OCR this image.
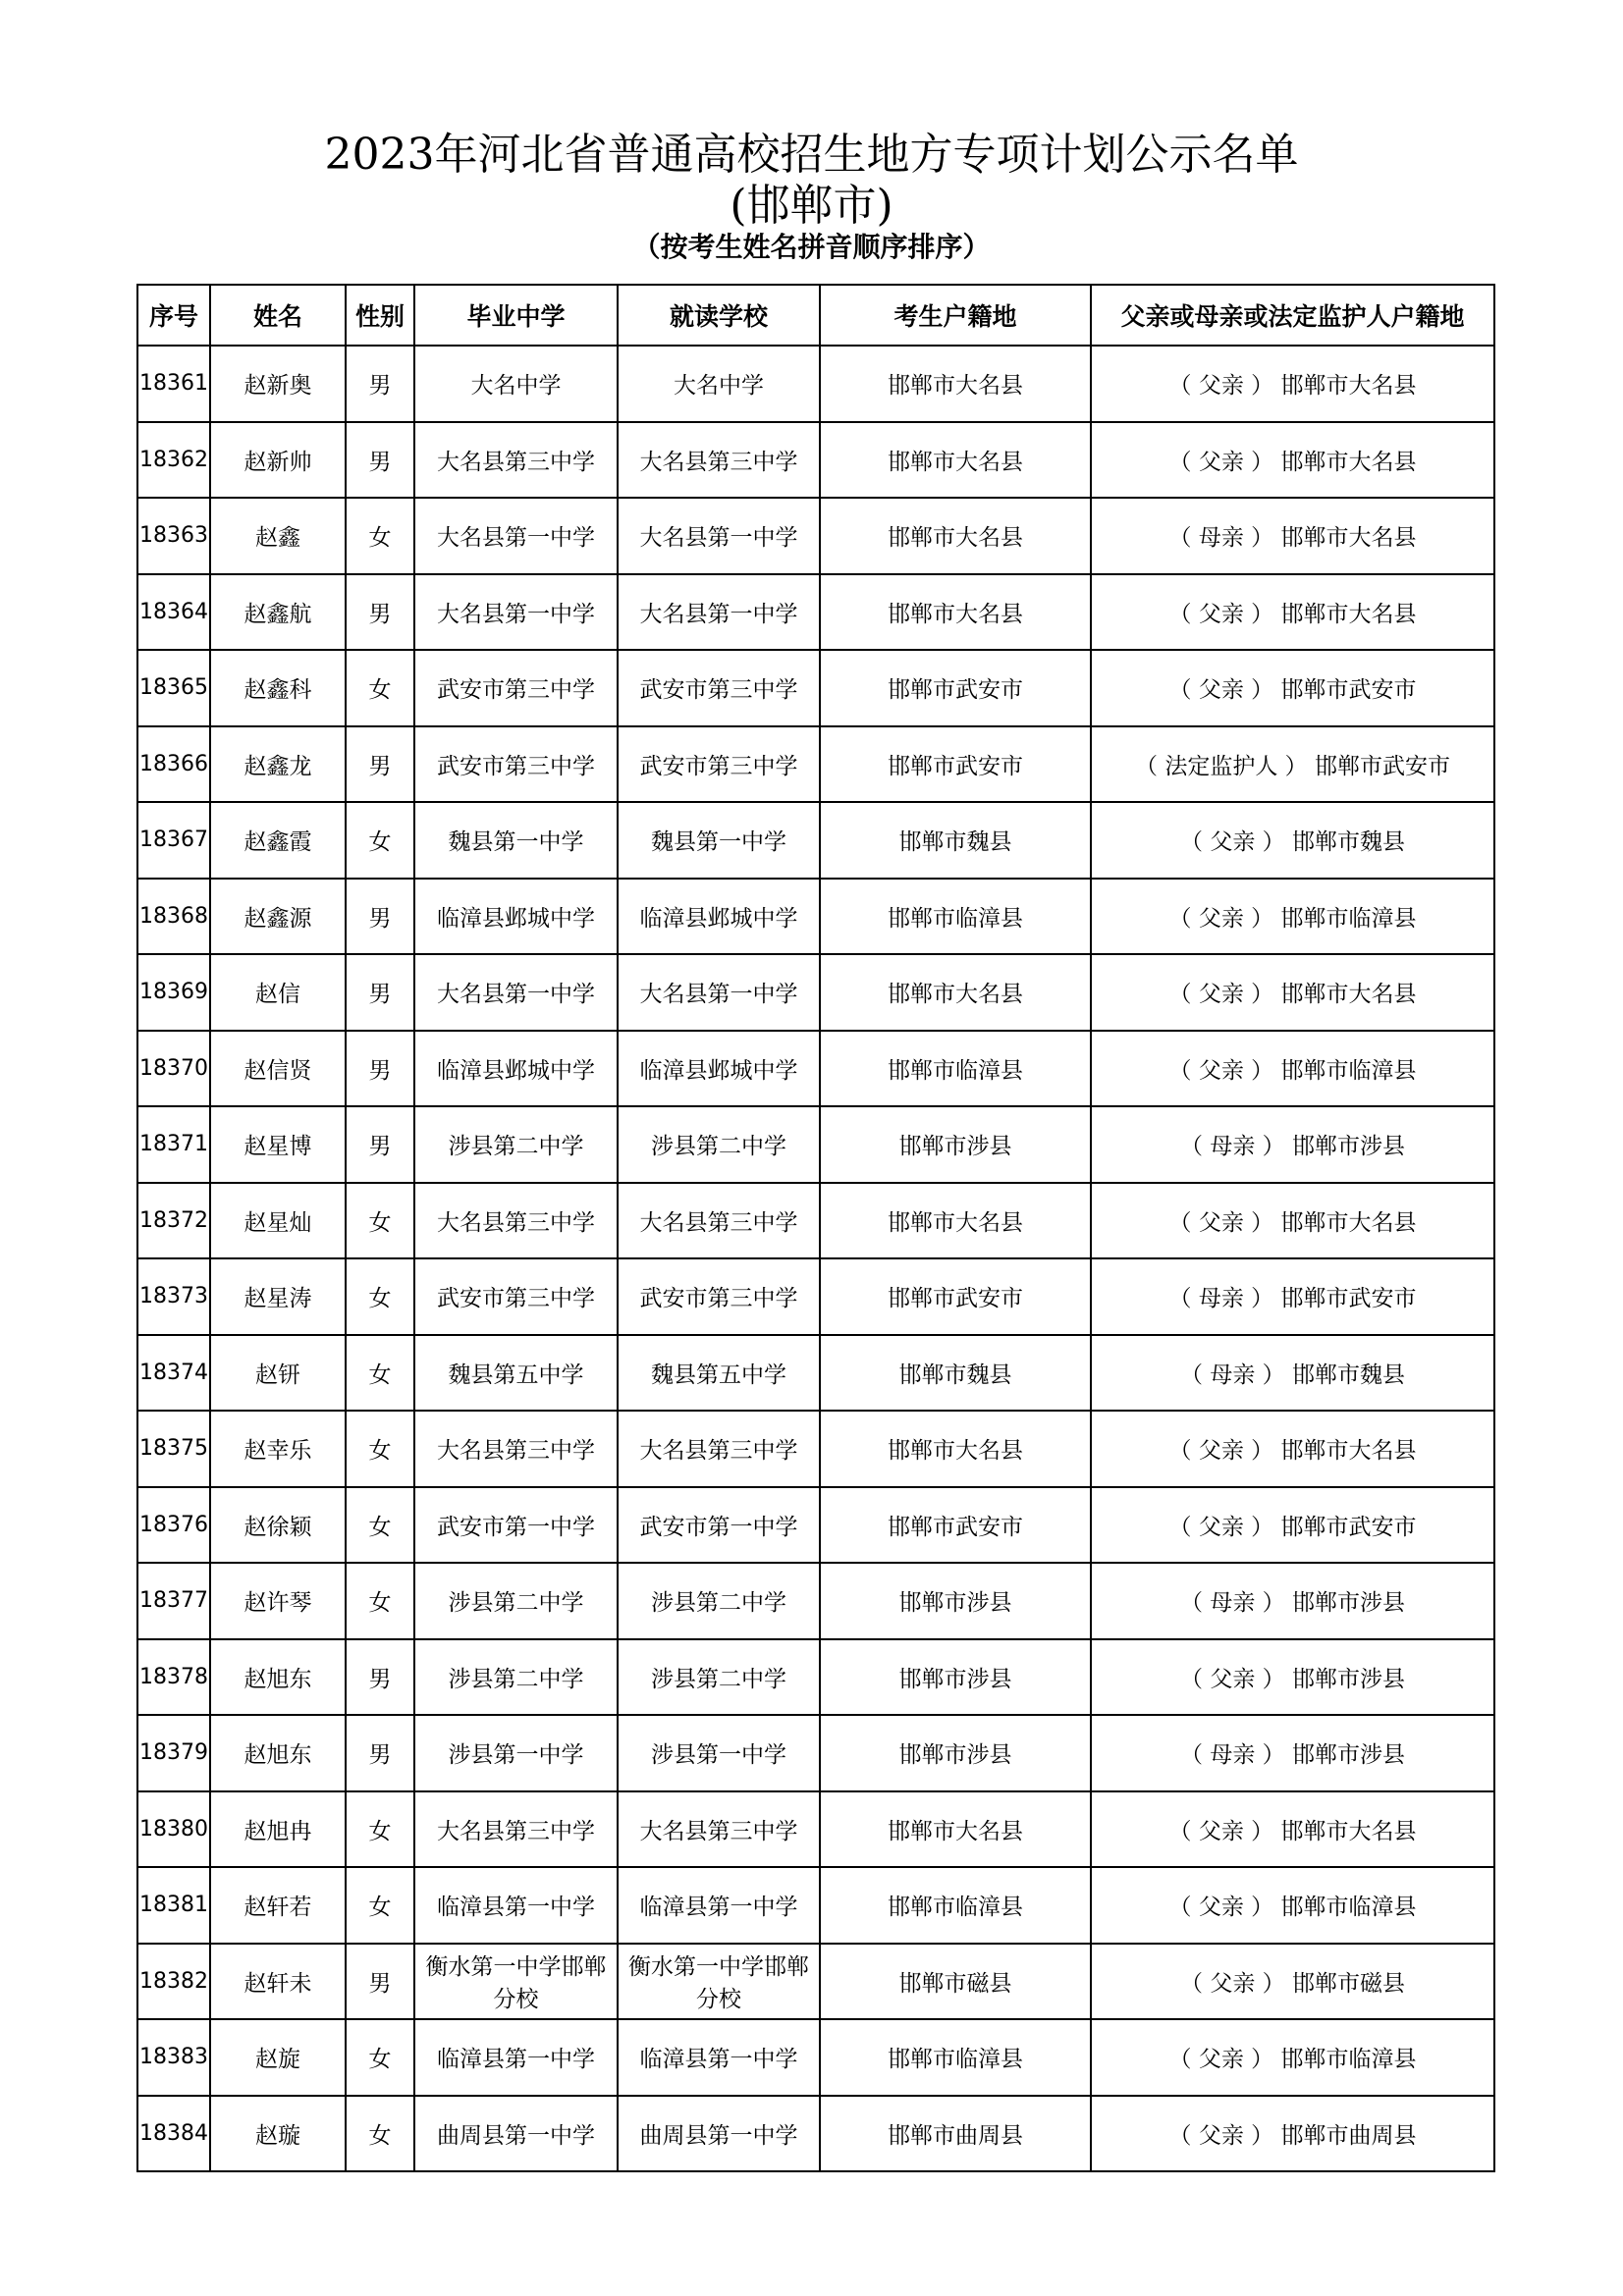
2023年河北省普通高校招生地方专项计划公示名单
(邯郸市)
（按考生姓名拼音顺序排序）
序号	姓名	性别	毕业中学	就读学校	考生户籍地	父亲或母亲或法定监护人户籍地
18361	赵新奥	男	大名中学	大名中学	邯郸市大名县	（ 父亲 ） 邯郸市大名县
18362	赵新帅	男	大名县第三中学	大名县第三中学	邯郸市大名县	（ 父亲 ） 邯郸市大名县
18363	赵鑫	女	大名县第一中学	大名县第一中学	邯郸市大名县	（ 母亲 ） 邯郸市大名县
18364	赵鑫航	男	大名县第一中学	大名县第一中学	邯郸市大名县	（ 父亲 ） 邯郸市大名县
18365	赵鑫科	女	武安市第三中学	武安市第三中学	邯郸市武安市	（ 父亲 ） 邯郸市武安市
18366	赵鑫龙	男	武安市第三中学	武安市第三中学	邯郸市武安市	（ 法定监护人 ） 邯郸市武安市
18367	赵鑫霞	女	魏县第一中学	魏县第一中学	邯郸市魏县	（ 父亲 ） 邯郸市魏县
18368	赵鑫源	男	临漳县邺城中学	临漳县邺城中学	邯郸市临漳县	（ 父亲 ） 邯郸市临漳县
18369	赵信	男	大名县第一中学	大名县第一中学	邯郸市大名县	（ 父亲 ） 邯郸市大名县
18370	赵信贤	男	临漳县邺城中学	临漳县邺城中学	邯郸市临漳县	（ 父亲 ） 邯郸市临漳县
18371	赵星博	男	涉县第二中学	涉县第二中学	邯郸市涉县	（ 母亲 ） 邯郸市涉县
18372	赵星灿	女	大名县第三中学	大名县第三中学	邯郸市大名县	（ 父亲 ） 邯郸市大名县
18373	赵星涛	女	武安市第三中学	武安市第三中学	邯郸市武安市	（ 母亲 ） 邯郸市武安市
18374	赵钘	女	魏县第五中学	魏县第五中学	邯郸市魏县	（ 母亲 ） 邯郸市魏县
18375	赵幸乐	女	大名县第三中学	大名县第三中学	邯郸市大名县	（ 父亲 ） 邯郸市大名县
18376	赵徐颖	女	武安市第一中学	武安市第一中学	邯郸市武安市	（ 父亲 ） 邯郸市武安市
18377	赵许琴	女	涉县第二中学	涉县第二中学	邯郸市涉县	（ 母亲 ） 邯郸市涉县
18378	赵旭东	男	涉县第二中学	涉县第二中学	邯郸市涉县	（ 父亲 ） 邯郸市涉县
18379	赵旭东	男	涉县第一中学	涉县第一中学	邯郸市涉县	（ 母亲 ） 邯郸市涉县
18380	赵旭冉	女	大名县第三中学	大名县第三中学	邯郸市大名县	（ 父亲 ） 邯郸市大名县
18381	赵轩若	女	临漳县第一中学	临漳县第一中学	邯郸市临漳县	（ 父亲 ） 邯郸市临漳县
18382	赵轩未	男	衡水第一中学邯郸分校	衡水第一中学邯郸分校	邯郸市磁县	（ 父亲 ） 邯郸市磁县
18383	赵旋	女	临漳县第一中学	临漳县第一中学	邯郸市临漳县	（ 父亲 ） 邯郸市临漳县
18384	赵璇	女	曲周县第一中学	曲周县第一中学	邯郸市曲周县	（ 父亲 ） 邯郸市曲周县
